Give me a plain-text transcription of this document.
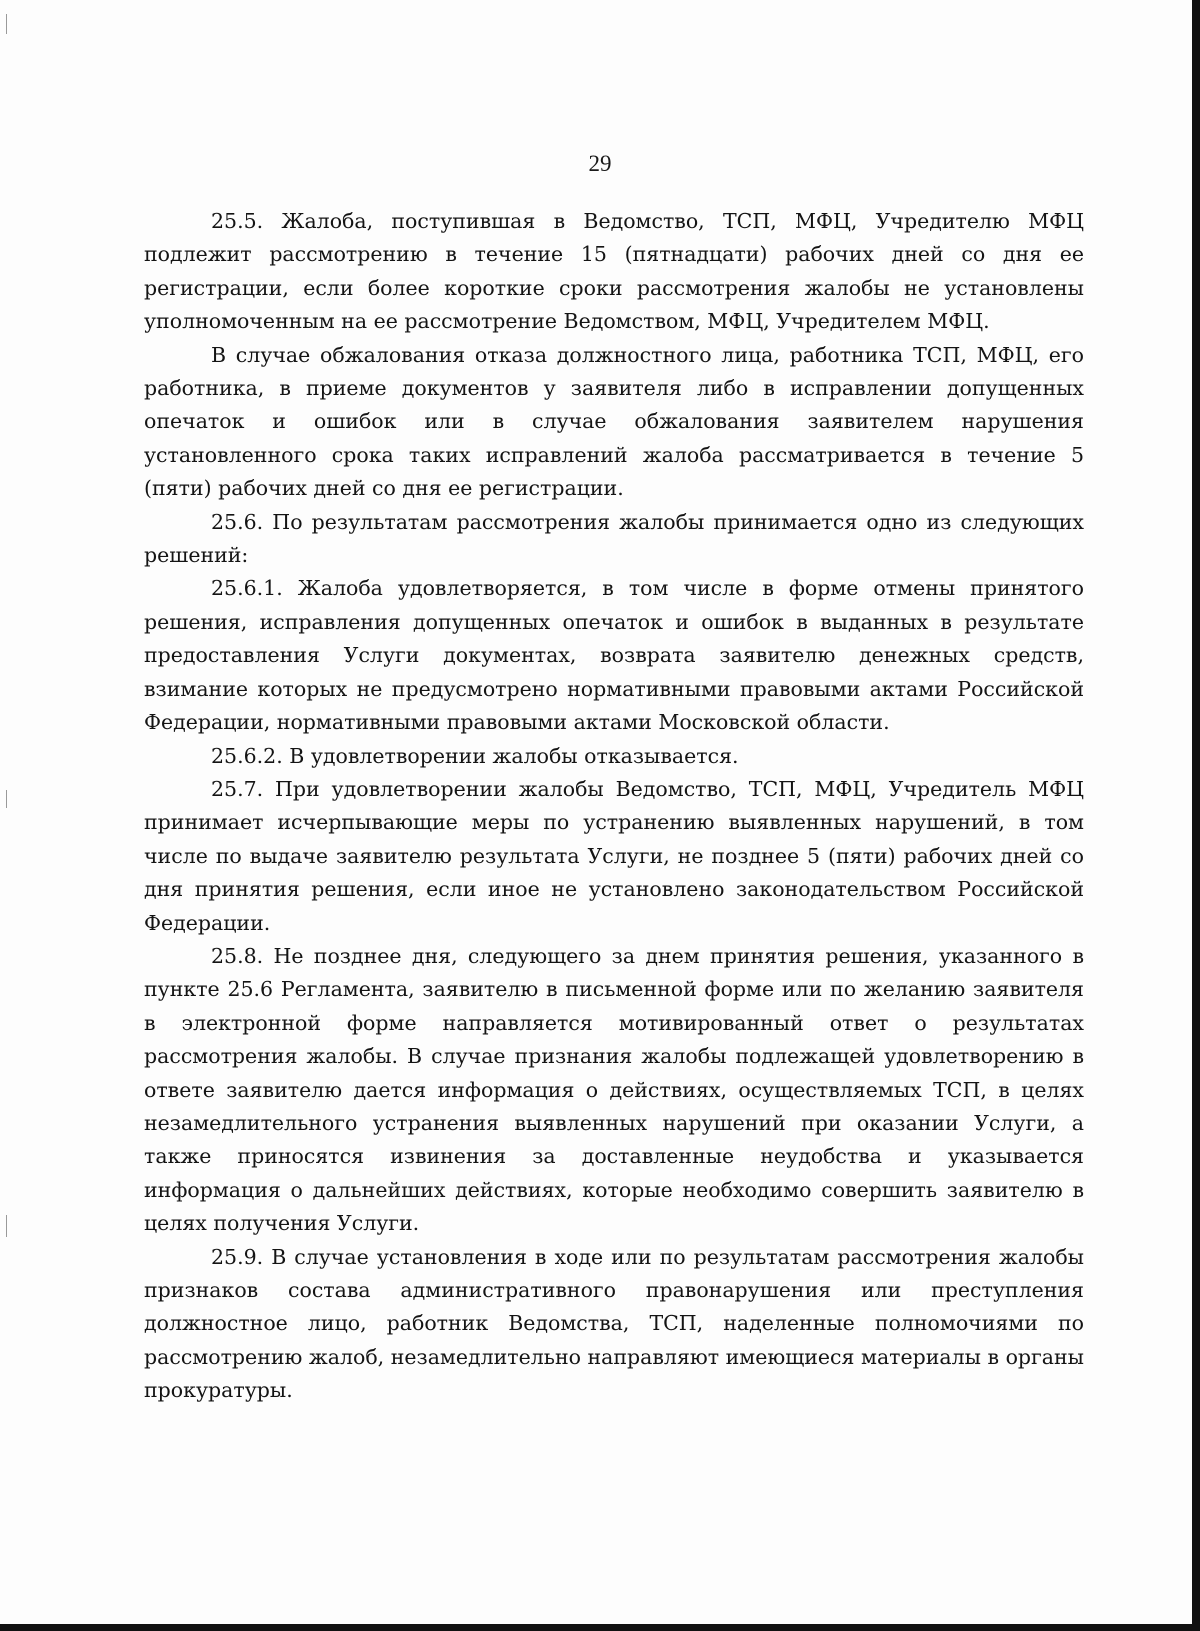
29

25.5. Жалоба, поступившая в Ведомство, ТСП, МФЦ, Учредителю МФЦ подлежит рассмотрению в течение 15 (пятнадцати) рабочих дней со дня ее регистрации, если более короткие сроки рассмотрения жалобы не установлены уполномоченным на ее рассмотрение Ведомством, МФЦ, Учредителем МФЦ.

В случае обжалования отказа должностного лица, работника ТСП, МФЦ, его работника, в приеме документов у заявителя либо в исправлении допущенных опечаток и ошибок или в случае обжалования заявителем нарушения установленного срока таких исправлений жалоба рассматривается в течение 5 (пяти) рабочих дней со дня ее регистрации.

25.6. По результатам рассмотрения жалобы принимается одно из следующих решений:

25.6.1. Жалоба удовлетворяется, в том числе в форме отмены принятого решения, исправления допущенных опечаток и ошибок в выданных в результате предоставления Услуги документах, возврата заявителю денежных средств, взимание которых не предусмотрено нормативными правовыми актами Российской Федерации, нормативными правовыми актами Московской области.

25.6.2. В удовлетворении жалобы отказывается.

25.7. При удовлетворении жалобы Ведомство, ТСП, МФЦ, Учредитель МФЦ принимает исчерпывающие меры по устранению выявленных нарушений, в том числе по выдаче заявителю результата Услуги, не позднее 5 (пяти) рабочих дней со дня принятия решения, если иное не установлено законодательством Российской Федерации.

25.8. Не позднее дня, следующего за днем принятия решения, указанного в пункте 25.6 Регламента, заявителю в письменной форме или по желанию заявителя в электронной форме направляется мотивированный ответ о результатах рассмотрения жалобы. В случае признания жалобы подлежащей удовлетворению в ответе заявителю дается информация о действиях, осуществляемых ТСП, в целях незамедлительного устранения выявленных нарушений при оказании Услуги, а также приносятся извинения за доставленные неудобства и указывается информация о дальнейших действиях, которые необходимо совершить заявителю в целях получения Услуги.

25.9. В случае установления в ходе или по результатам рассмотрения жалобы признаков состава административного правонарушения или преступления должностное лицо, работник Ведомства, ТСП, наделенные полномочиями по рассмотрению жалоб, незамедлительно направляют имеющиеся материалы в органы прокуратуры.
